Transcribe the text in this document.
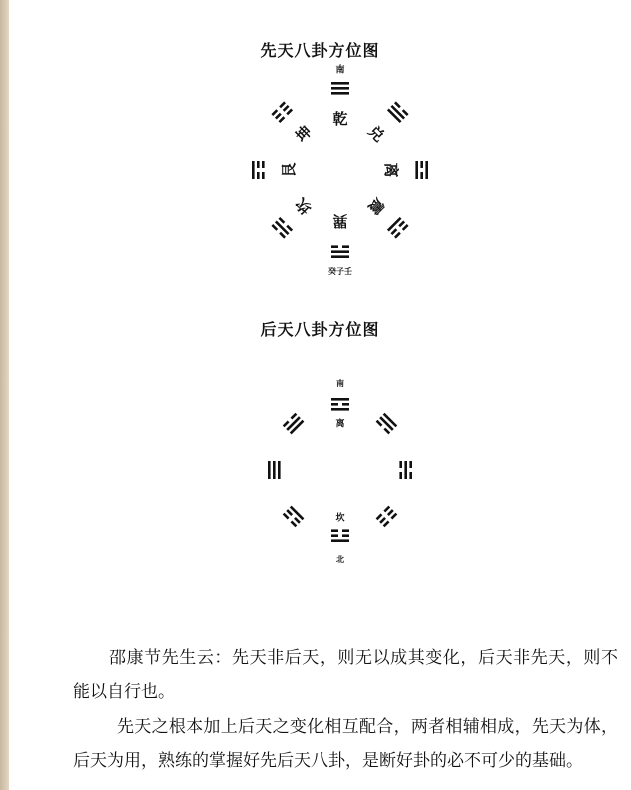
先天八卦方位图
乾
兑
离
震
巽
坎
艮
坤
南
癸子壬
后天八卦方位图
南
北
离
坎

邵康节先生云：先天非后天，则无以成其变化，后天非先天，则不能以自行也。

先天之根本加上后天之变化相互配合，两者相辅相成，先天为体，后天为用，熟练的掌握好先后天八卦，是断好卦的必不可少的基础。
